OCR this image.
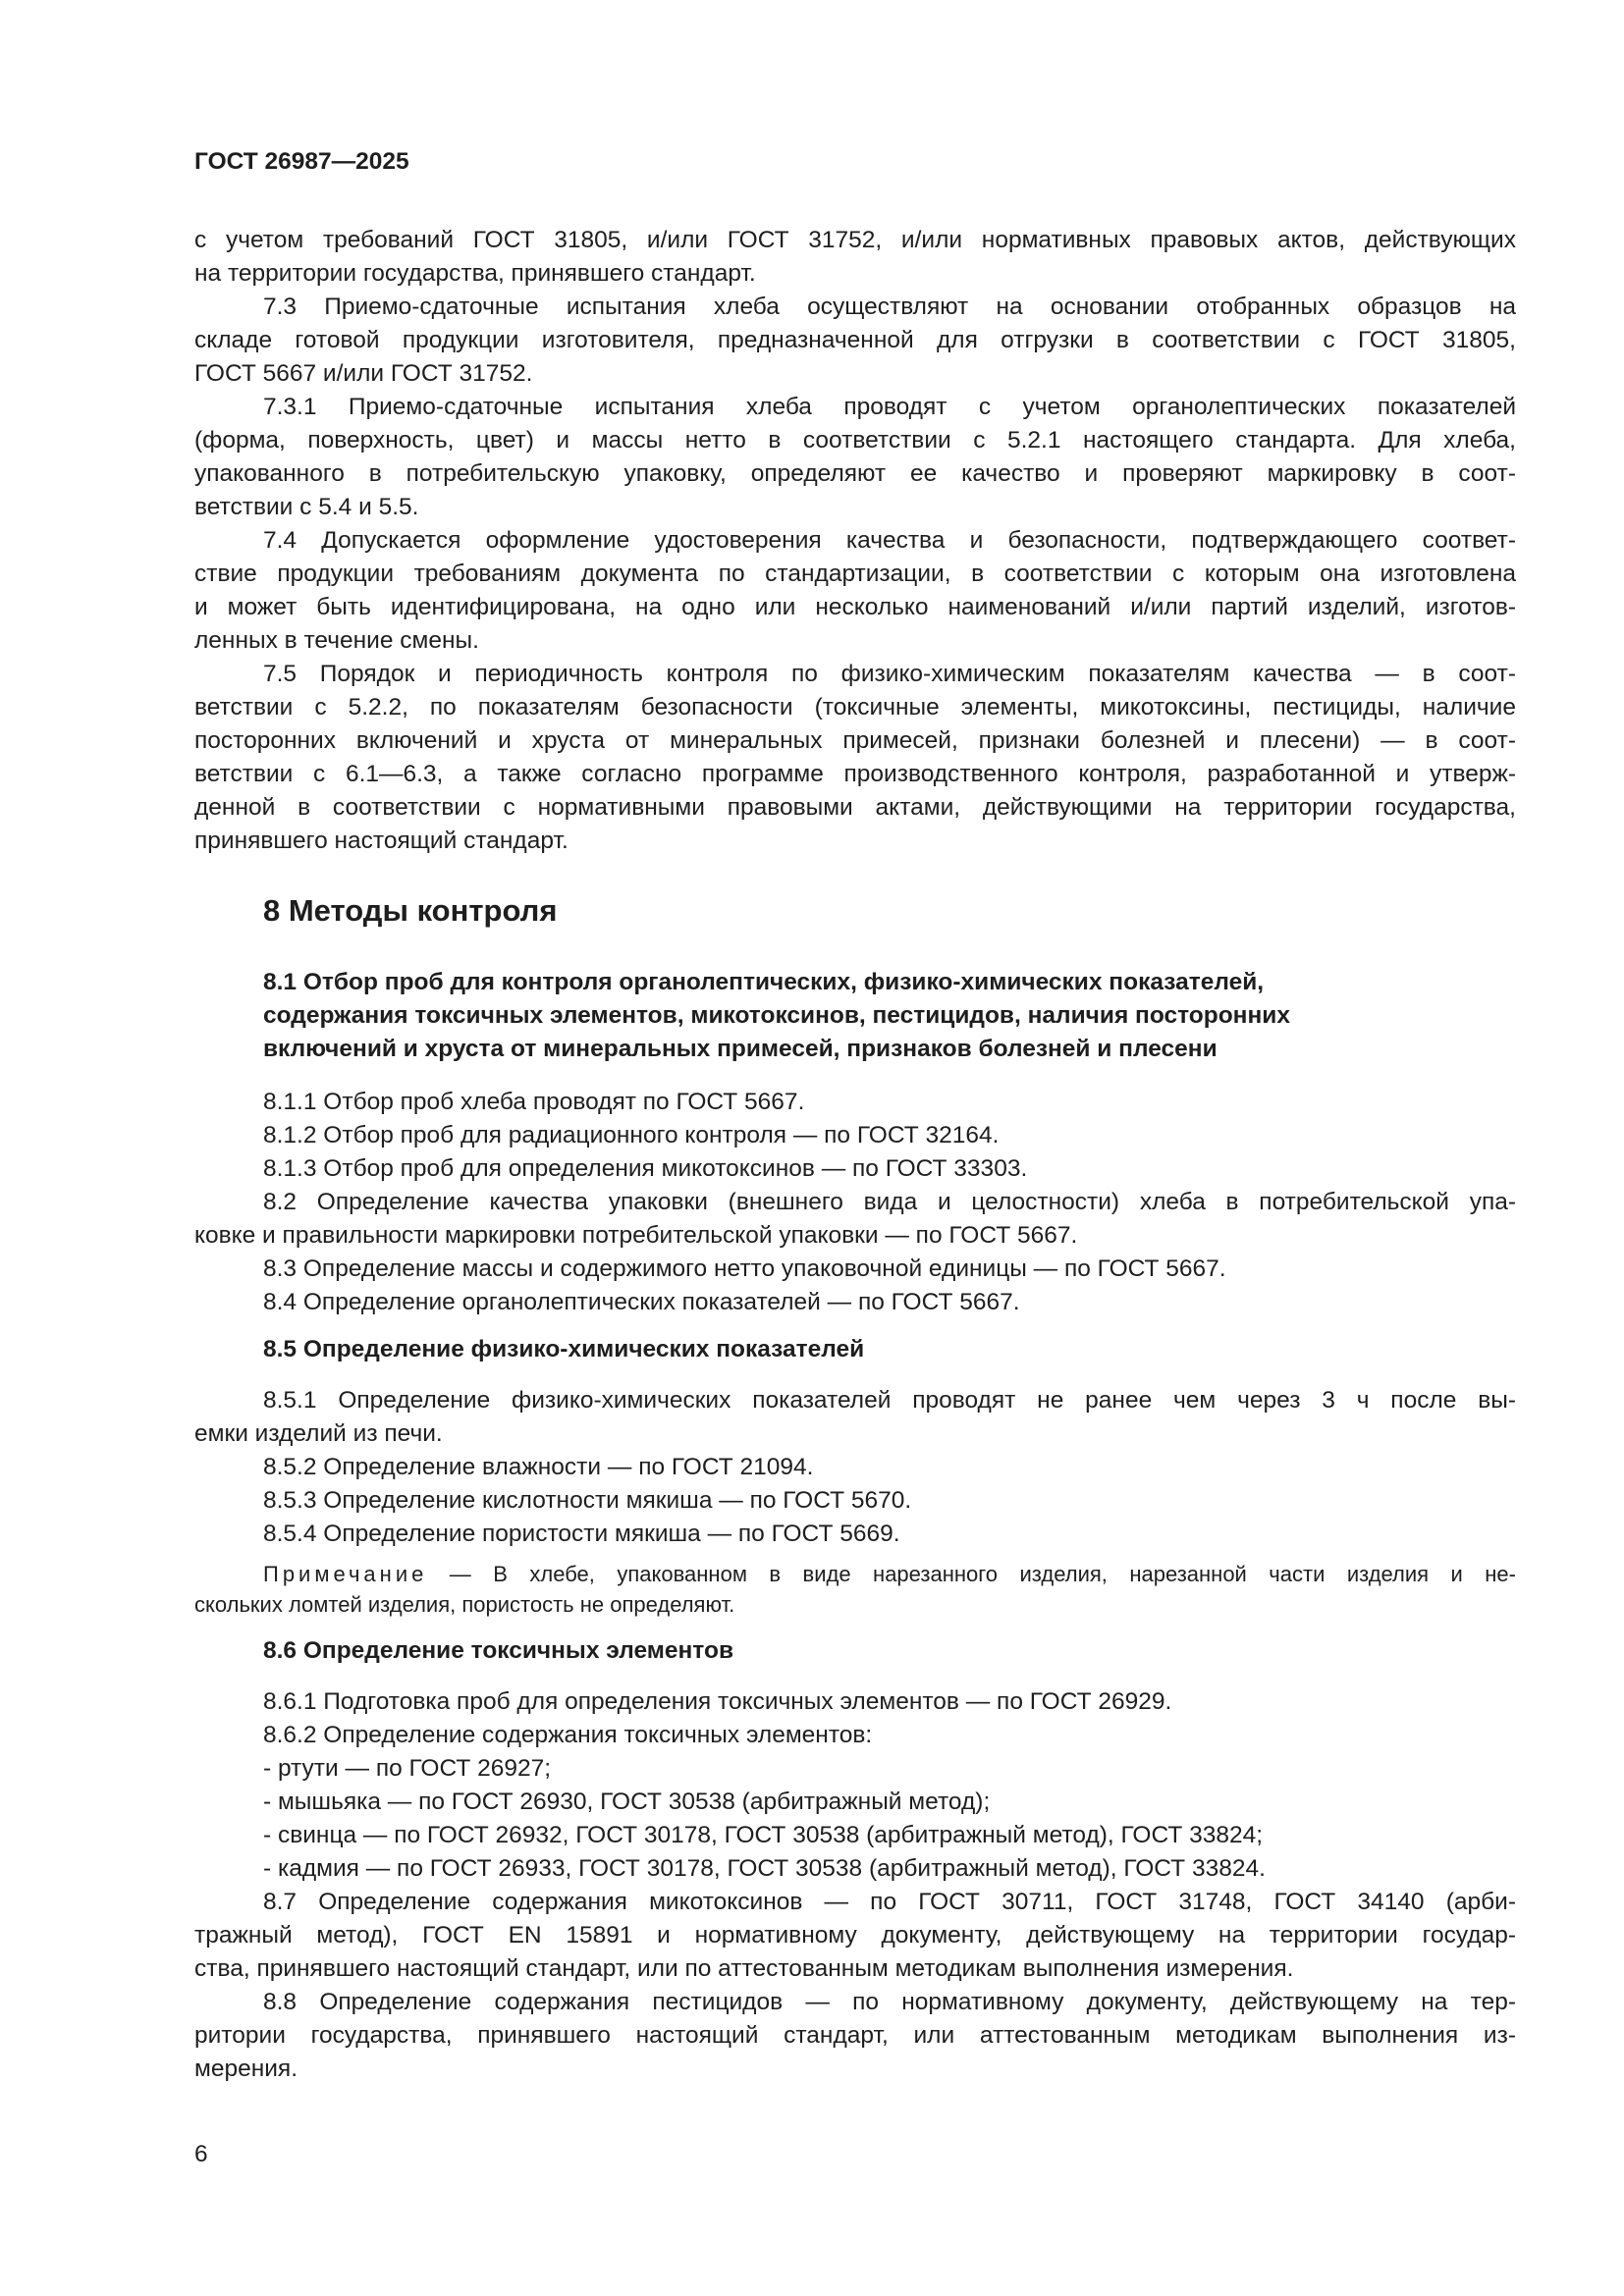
ГОСТ 26987—2025

с учетом требований ГОСТ 31805, и/или ГОСТ 31752, и/или нормативных правовых актов, действующих

на территории государства, принявшего стандарт.

7.3 Приемо-сдаточные испытания хлеба осуществляют на основании отобранных образцов на

складе готовой продукции изготовителя, предназначенной для отгрузки в соответствии с ГОСТ 31805,

ГОСТ 5667 и/или ГОСТ 31752.

7.3.1 Приемо-сдаточные испытания хлеба проводят с учетом органолептических показателей

(форма, поверхность, цвет) и массы нетто в соответствии с 5.2.1 настоящего стандарта. Для хлеба,

упакованного в потребительскую упаковку, определяют ее качество и проверяют маркировку в соот-

ветствии с 5.4 и 5.5.

7.4 Допускается оформление удостоверения качества и безопасности, подтверждающего соответ-

ствие продукции требованиям документа по стандартизации, в соответствии с которым она изготовлена

и может быть идентифицирована, на одно или несколько наименований и/или партий изделий, изготов-

ленных в течение смены.

7.5 Порядок и периодичность контроля по физико-химическим показателям качества — в соот-

ветствии с 5.2.2, по показателям безопасности (токсичные элементы, микотоксины, пестициды, наличие

посторонних включений и хруста от минеральных примесей, признаки болезней и плесени) — в соот-

ветствии с 6.1—6.3, а также согласно программе производственного контроля, разработанной и утверж-

денной в соответствии с нормативными правовыми актами, действующими на территории государства,

принявшего настоящий стандарт.

8 Методы контроля

8.1 Отбор проб для контроля органолептических, физико-химических показателей,

содержания токсичных элементов, микотоксинов, пестицидов, наличия посторонних

включений и хруста от минеральных примесей, признаков болезней и плесени

8.1.1 Отбор проб хлеба проводят по ГОСТ 5667.

8.1.2 Отбор проб для радиационного контроля — по ГОСТ 32164.

8.1.3 Отбор проб для определения микотоксинов — по ГОСТ 33303.

8.2 Определение качества упаковки (внешнего вида и целостности) хлеба в потребительской упа-

ковке и правильности маркировки потребительской упаковки — по ГОСТ 5667.

8.3 Определение массы и содержимого нетто упаковочной единицы — по ГОСТ 5667.

8.4 Определение органолептических показателей — по ГОСТ 5667.

8.5 Определение физико-химических показателей

8.5.1 Определение физико-химических показателей проводят не ранее чем через 3 ч после вы-

емки изделий из печи.

8.5.2 Определение влажности — по ГОСТ 21094.

8.5.3 Определение кислотности мякиша — по ГОСТ 5670.

8.5.4 Определение пористости мякиша — по ГОСТ 5669.

Примечание — В хлебе, упакованном в виде нарезанного изделия, нарезанной части изделия и не-

скольких ломтей изделия, пористость не определяют.

8.6 Определение токсичных элементов

8.6.1 Подготовка проб для определения токсичных элементов — по ГОСТ 26929.

8.6.2 Определение содержания токсичных элементов:

- ртути — по ГОСТ 26927;

- мышьяка — по ГОСТ 26930, ГОСТ 30538 (арбитражный метод);

- свинца — по ГОСТ 26932, ГОСТ 30178, ГОСТ 30538 (арбитражный метод), ГОСТ 33824;

- кадмия — по ГОСТ 26933, ГОСТ 30178, ГОСТ 30538 (арбитражный метод), ГОСТ 33824.

8.7 Определение содержания микотоксинов — по ГОСТ 30711, ГОСТ 31748, ГОСТ 34140 (арби-

тражный метод), ГОСТ EN 15891 и нормативному документу, действующему на территории государ-

ства, принявшего настоящий стандарт, или по аттестованным методикам выполнения измерения.

8.8 Определение содержания пестицидов — по нормативному документу, действующему на тер-

ритории государства, принявшего настоящий стандарт, или аттестованным методикам выполнения из-

мерения.

6
